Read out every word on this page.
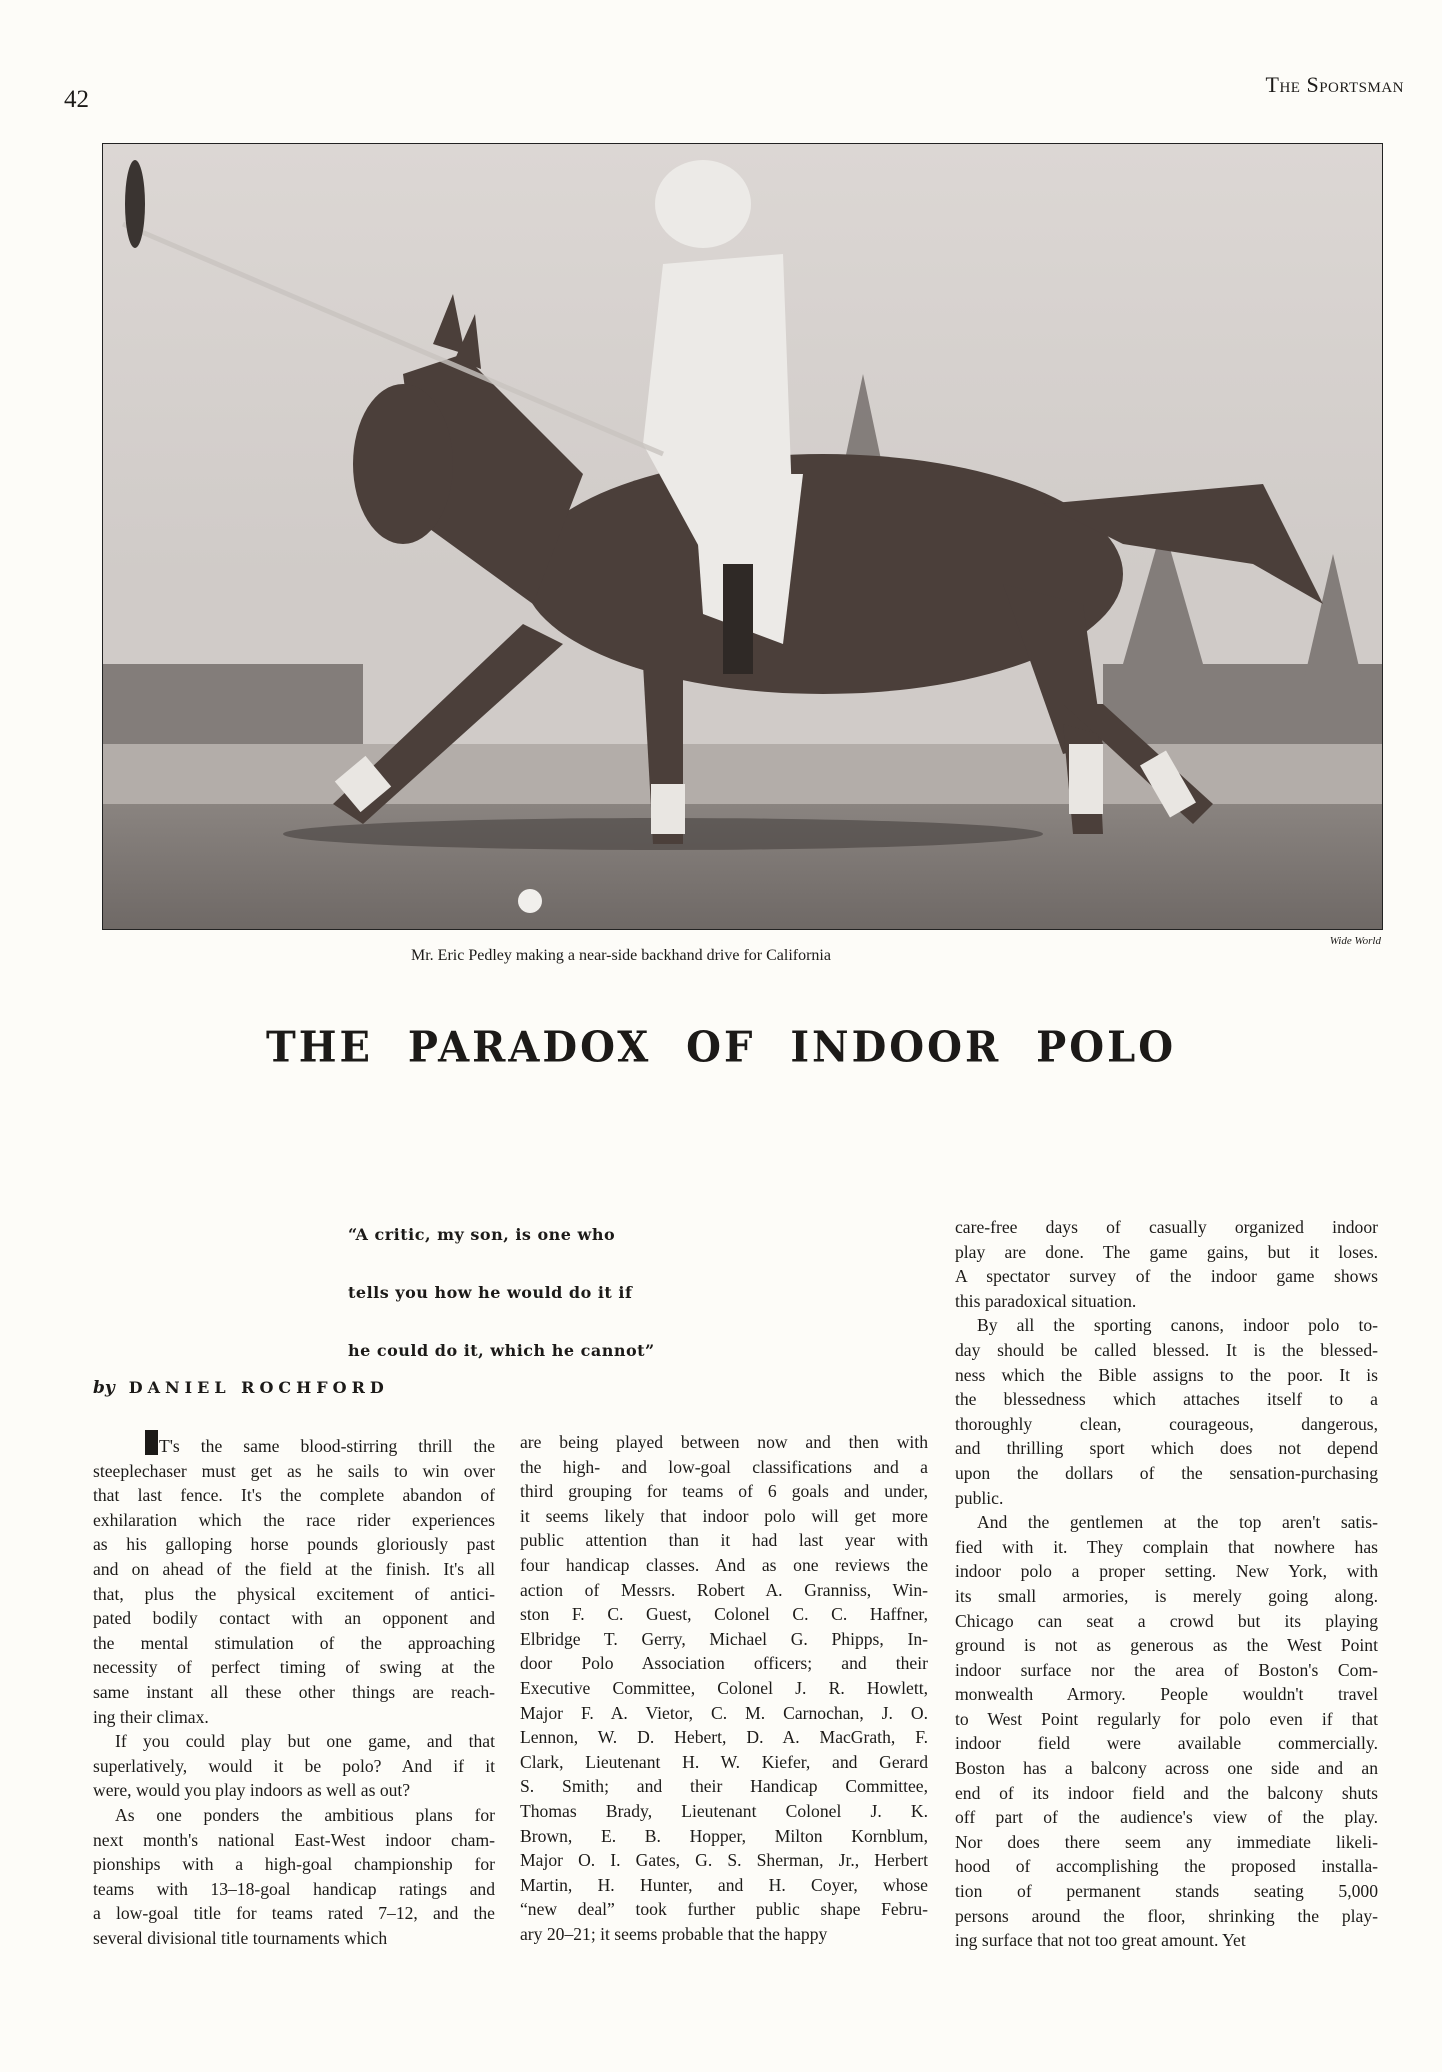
42
The Sportsman
Wide World
Mr. Eric Pedley making a near-side backhand drive for California
THE PARADOX OF INDOOR POLO
“A critic, my son, is one who
tells you how he would do it if
he could do it, which he cannot”
by DANIEL ROCHFORD
T's the same blood-stirring thrill the
steeplechaser must get as he sails to win over
that last fence. It's the complete abandon of
exhilaration which the race rider experiences
as his galloping horse pounds gloriously past
and on ahead of the field at the finish. It's all
that, plus the physical excitement of antici-
pated bodily contact with an opponent and
the mental stimulation of the approaching
necessity of perfect timing of swing at the
same instant all these other things are reach-
ing their climax.
If you could play but one game, and that
superlatively, would it be polo? And if it
were, would you play indoors as well as out?
As one ponders the ambitious plans for
next month's national East-West indoor cham-
pionships with a high-goal championship for
teams with 13–18-goal handicap ratings and
a low-goal title for teams rated 7–12, and the
several divisional title tournaments which
are being played between now and then with
the high- and low-goal classifications and a
third grouping for teams of 6 goals and under,
it seems likely that indoor polo will get more
public attention than it had last year with
four handicap classes. And as one reviews the
action of Messrs. Robert A. Granniss, Win-
ston F. C. Guest, Colonel C. C. Haffner,
Elbridge T. Gerry, Michael G. Phipps, In-
door Polo Association officers; and their
Executive Committee, Colonel J. R. Howlett,
Major F. A. Vietor, C. M. Carnochan, J. O.
Lennon, W. D. Hebert, D. A. MacGrath, F.
Clark, Lieutenant H. W. Kiefer, and Gerard
S. Smith; and their Handicap Committee,
Thomas Brady, Lieutenant Colonel J. K.
Brown, E. B. Hopper, Milton Kornblum,
Major O. I. Gates, G. S. Sherman, Jr., Herbert
Martin, H. Hunter, and H. Coyer, whose
“new deal” took further public shape Febru-
ary 20–21; it seems probable that the happy
care-free days of casually organized indoor
play are done. The game gains, but it loses.
A spectator survey of the indoor game shows
this paradoxical situation.
By all the sporting canons, indoor polo to-
day should be called blessed. It is the blessed-
ness which the Bible assigns to the poor. It is
the blessedness which attaches itself to a
thoroughly clean, courageous, dangerous,
and thrilling sport which does not depend
upon the dollars of the sensation-purchasing
public.
And the gentlemen at the top aren't satis-
fied with it. They complain that nowhere has
indoor polo a proper setting. New York, with
its small armories, is merely going along.
Chicago can seat a crowd but its playing
ground is not as generous as the West Point
indoor surface nor the area of Boston's Com-
monwealth Armory. People wouldn't travel
to West Point regularly for polo even if that
indoor field were available commercially.
Boston has a balcony across one side and an
end of its indoor field and the balcony shuts
off part of the audience's view of the play.
Nor does there seem any immediate likeli-
hood of accomplishing the proposed installa-
tion of permanent stands seating 5,000
persons around the floor, shrinking the play-
ing surface that not too great amount. Yet
